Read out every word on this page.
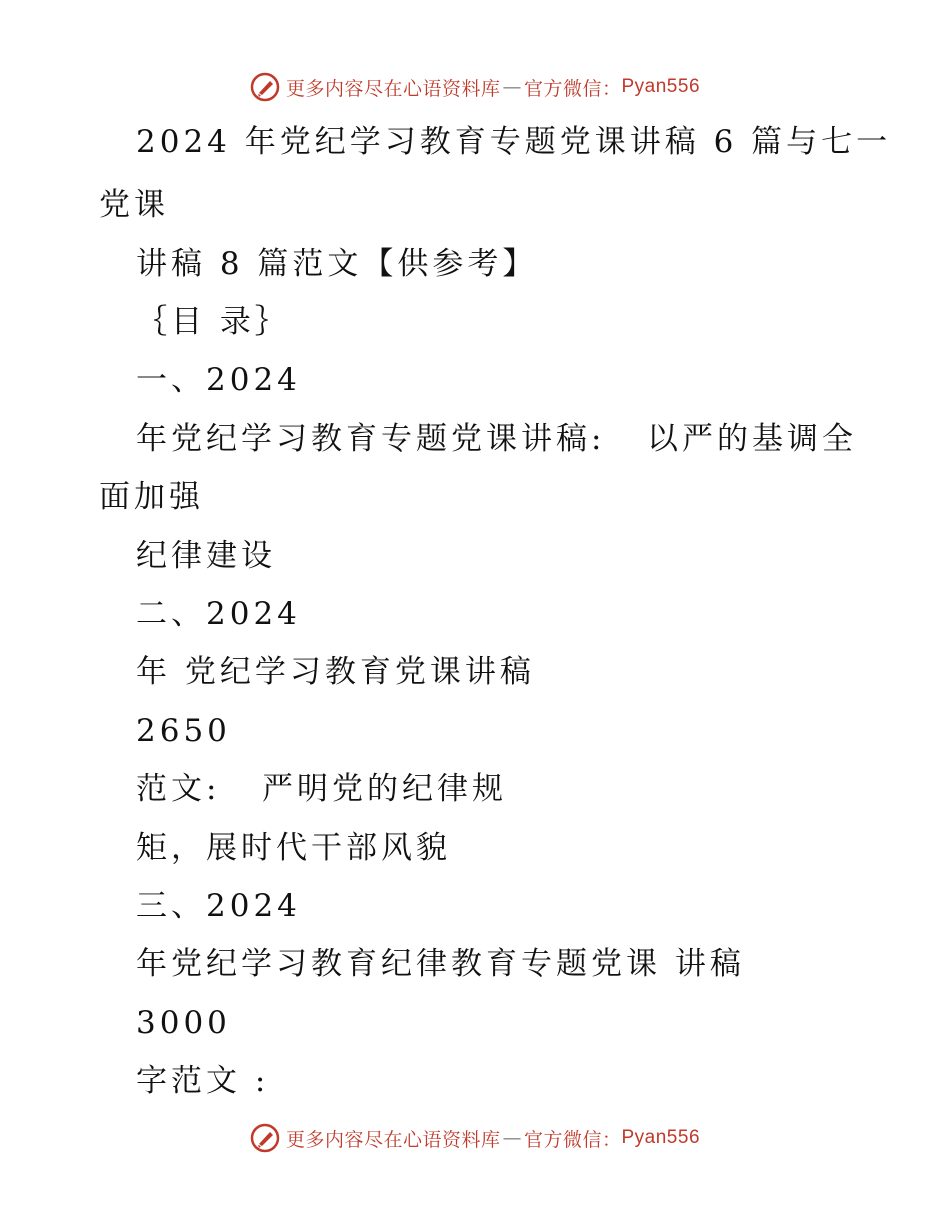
更多内容尽在心语资料库 — 官方微信： Pyan556
2024 年党纪学习教育专题党课讲稿 6 篇与七一
党课
讲稿 8 篇范文【供参考】
｛目 录｝
一、2024
年党纪学习教育专题党课讲稿:   以严的基调全
面加强
纪律建设
二、2024
年 党纪学习教育党课讲稿
2650
范文:   严明党的纪律规
矩，展时代干部风貌
三、2024
年党纪学习教育纪律教育专题党课 讲稿
3000
字范文 :
更多内容尽在心语资料库 — 官方微信： Pyan556
